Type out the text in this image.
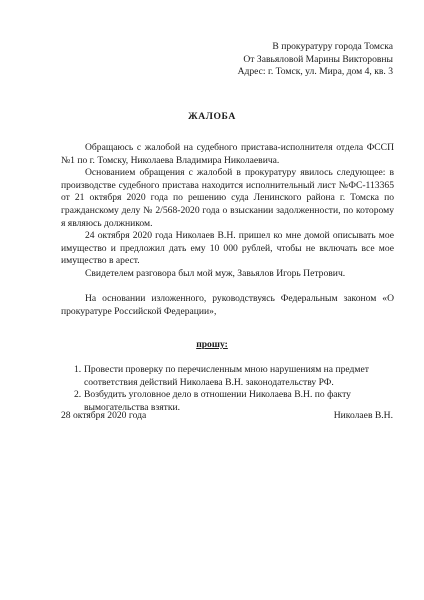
В прокуратуру города Томска
От Завьяловой Марины Викторовны
Адрес: г. Томск, ул. Мира, дом 4, кв. 3
ЖАЛОБА

Обращаюсь с жалобой на судебного пристава-исполнителя отдела ФССП №1 по г. Томску, Николаева Владимира Николаевича.

Основанием обращения с жалобой в прокуратуру явилось следующее: в производстве судебного пристава находится исполнительный лист №ФС-113365 от 21 октября 2020 года по решению суда Ленинского района г. Томска по гражданскому делу № 2/568-2020 года о взыскании задолженности, по которому я являюсь должником.

24 октября 2020 года Николаев В.Н. пришел ко мне домой описывать мое имущество и предложил дать ему 10 000 рублей, чтобы не включать все мое имущество в арест.

Свидетелем разговора был мой муж, Завьялов Игорь Петрович.

На основании изложенного, руководствуясь Федеральным законом «О прокуратуре Российской Федерации»,

прошу:
1. Провести проверку по перечисленным мною нарушениям на предмет соответствия действий Николаева В.Н. законодательству РФ.
2. Возбудить уголовное дело в отношении Николаева В.Н. по факту вымогательства взятки.
28 октября 2020 года	Николаев В.Н.
